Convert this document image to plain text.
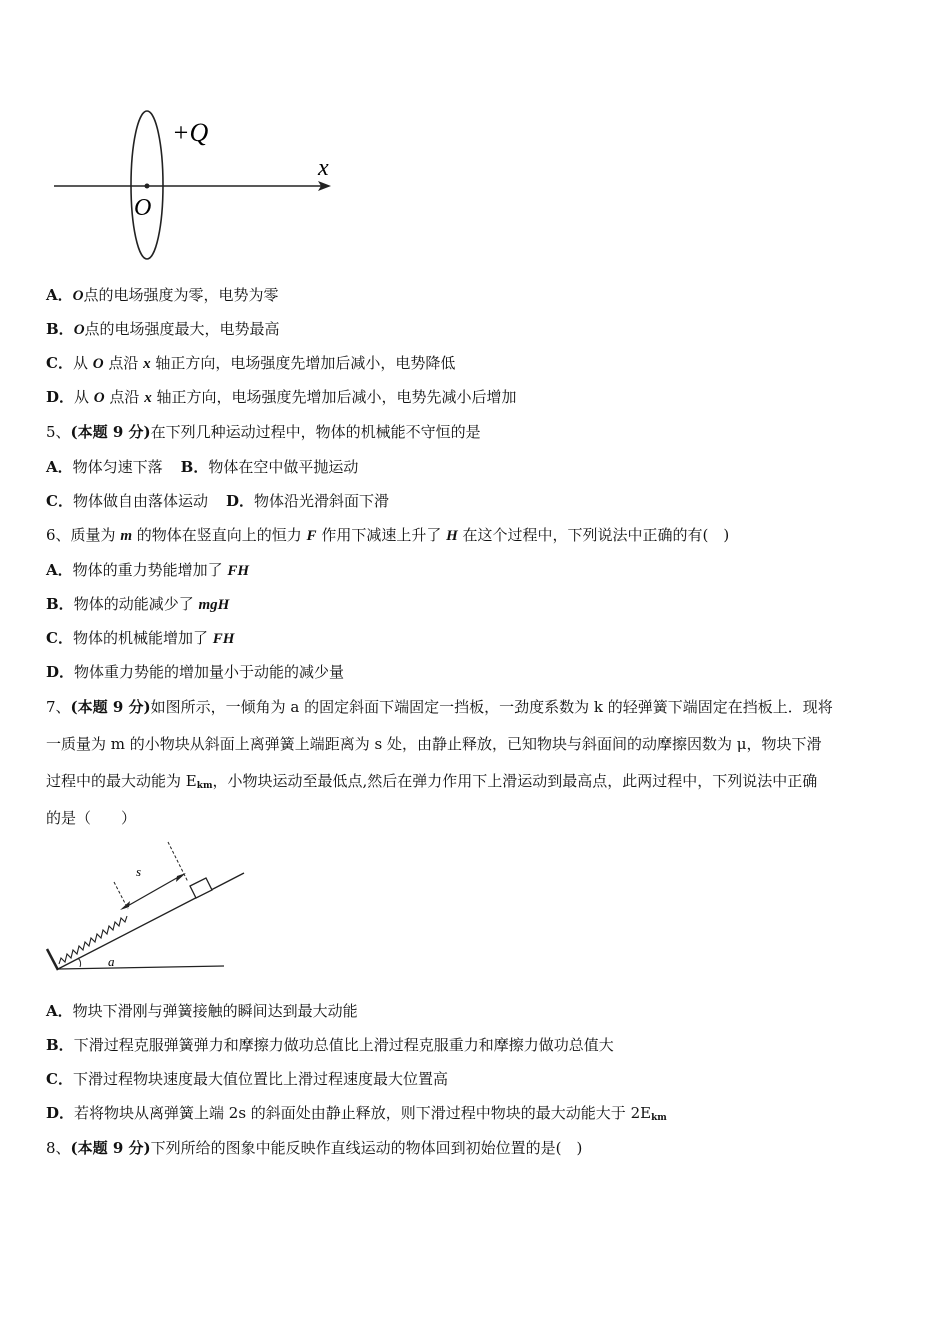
+Q
x
O
A．O点的电场强度为零，电势为零
B．O点的电场强度最大，电势最高
C．从 O 点沿 x 轴正方向，电场强度先增加后减小，电势降低
D．从 O 点沿 x 轴正方向，电场强度先增加后减小，电势先减小后增加
5、(本题 9 分)在下列几种运动过程中，物体的机械能不守恒的是
A．物体匀速下落 B．物体在空中做平抛运动
C．物体做自由落体运动 D．物体沿光滑斜面下滑
6、质量为 m 的物体在竖直向上的恒力 F 作用下减速上升了 H 在这个过程中，下列说法中正确的有(　)
A．物体的重力势能增加了 FH
B．物体的动能减少了 mgH
C．物体的机械能增加了 FH
D．物体重力势能的增加量小于动能的减少量
7、(本题 9 分)如图所示，一倾角为 a 的固定斜面下端固定一挡板，一劲度系数为 k 的轻弹簧下端固定在挡板上．现将
一质量为 m 的小物块从斜面上离弹簧上端距离为 s 处，由静止释放，已知物块与斜面间的动摩擦因数为 μ，物块下滑
过程中的最大动能为 $E_{km}$，小物块运动至最低点,然后在弹力作用下上滑运动到最高点，此两过程中，下列说法中正确
的是（　　）
s
a
A．物块下滑刚与弹簧接触的瞬间达到最大动能
B．下滑过程克服弹簧弹力和摩擦力做功总值比上滑过程克服重力和摩擦力做功总值大
C．下滑过程物块速度最大值位置比上滑过程速度最大位置高
D．若将物块从离弹簧上端 2s 的斜面处由静止释放，则下滑过程中物块的最大动能大于 $2E_{km}$
8、(本题 9 分)下列所给的图象中能反映作直线运动的物体回到初始位置的是(　)
